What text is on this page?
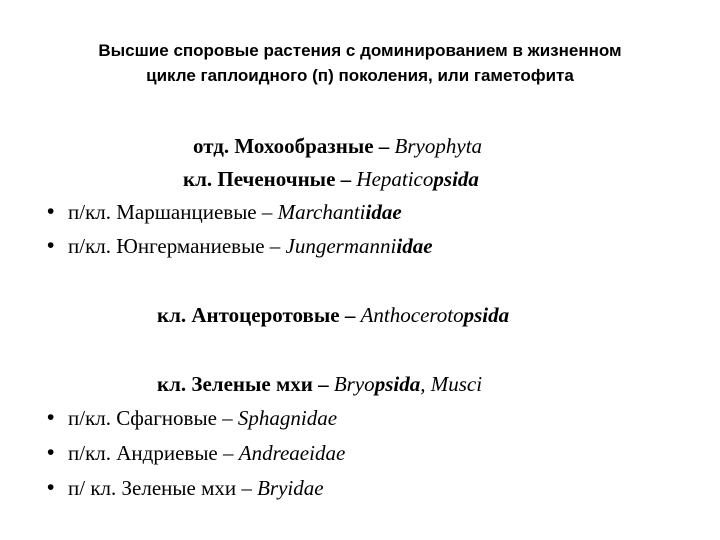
Высшие споровые растения с доминированием в жизненном
цикле гаплоидного (п) поколения, или гаметофита
отд. Мохообразные – Bryophyta
кл. Печеночные – Hepaticopsida
• п/кл. Маршанциевые – Marchantiidae
• п/кл. Юнгерманиевые – Jungermanniidae
кл. Антоцеротовые – Anthocerotopsida
кл. Зеленые мхи – Bryopsida, Musci
• п/кл. Сфагновые – Sphagnidae
• п/кл. Андриевые – Andreaeidae
• п/ кл. Зеленые мхи – Bryidae
